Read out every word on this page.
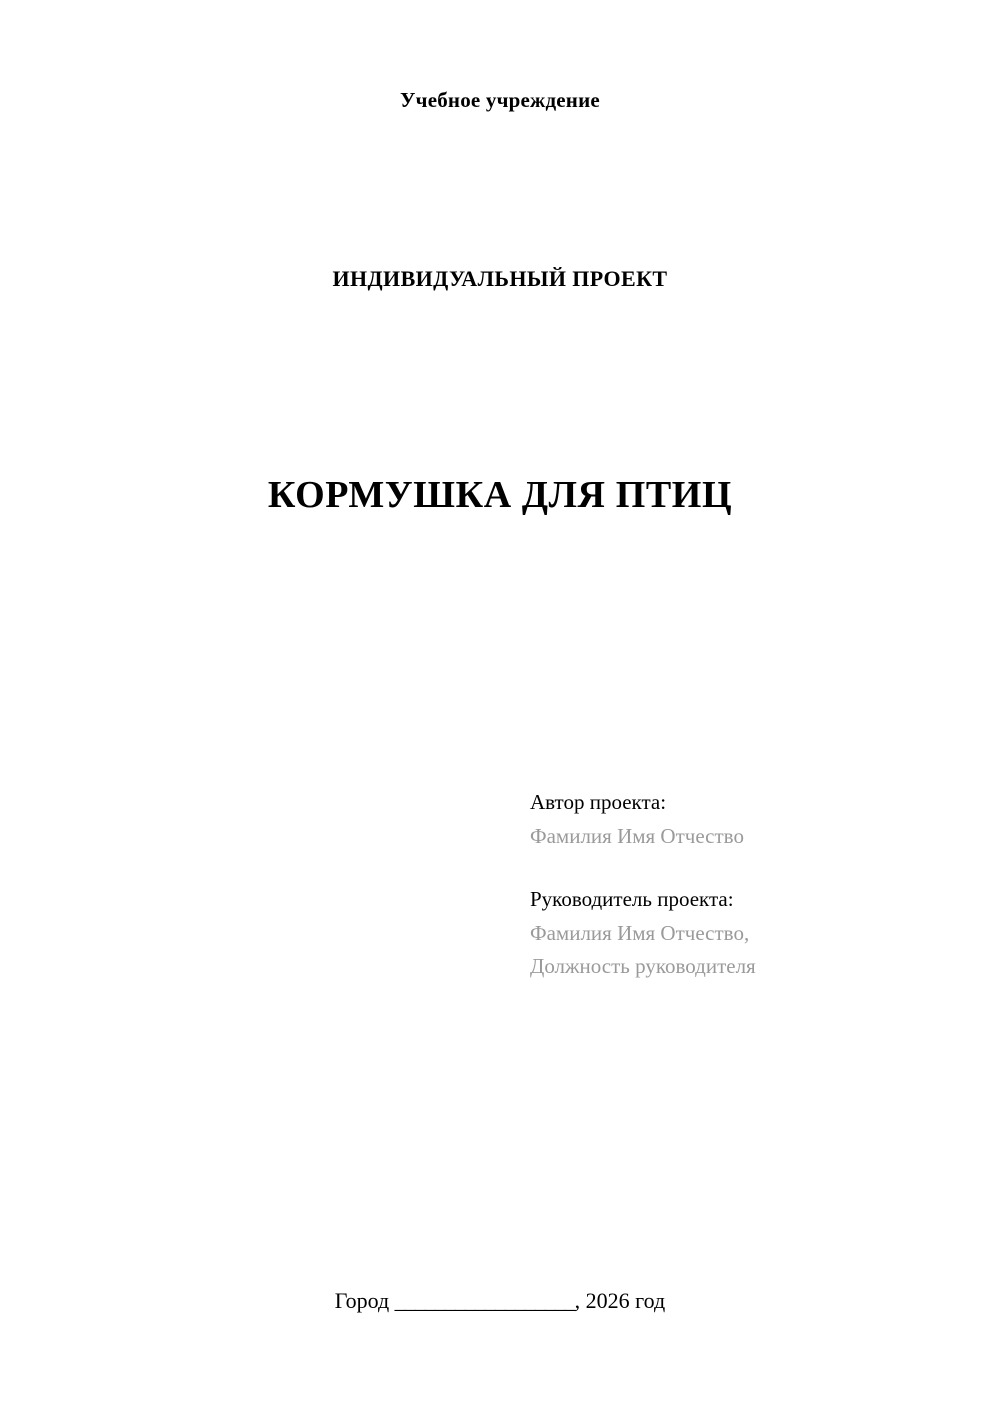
Учебное учреждение
ИНДИВИДУАЛЬНЫЙ ПРОЕКТ
КОРМУШКА ДЛЯ ПТИЦ
Автор проекта:
Фамилия Имя Отчество
Руководитель проекта:
Фамилия Имя Отчество,
Должность руководителя
Город __________________, 2026 год
